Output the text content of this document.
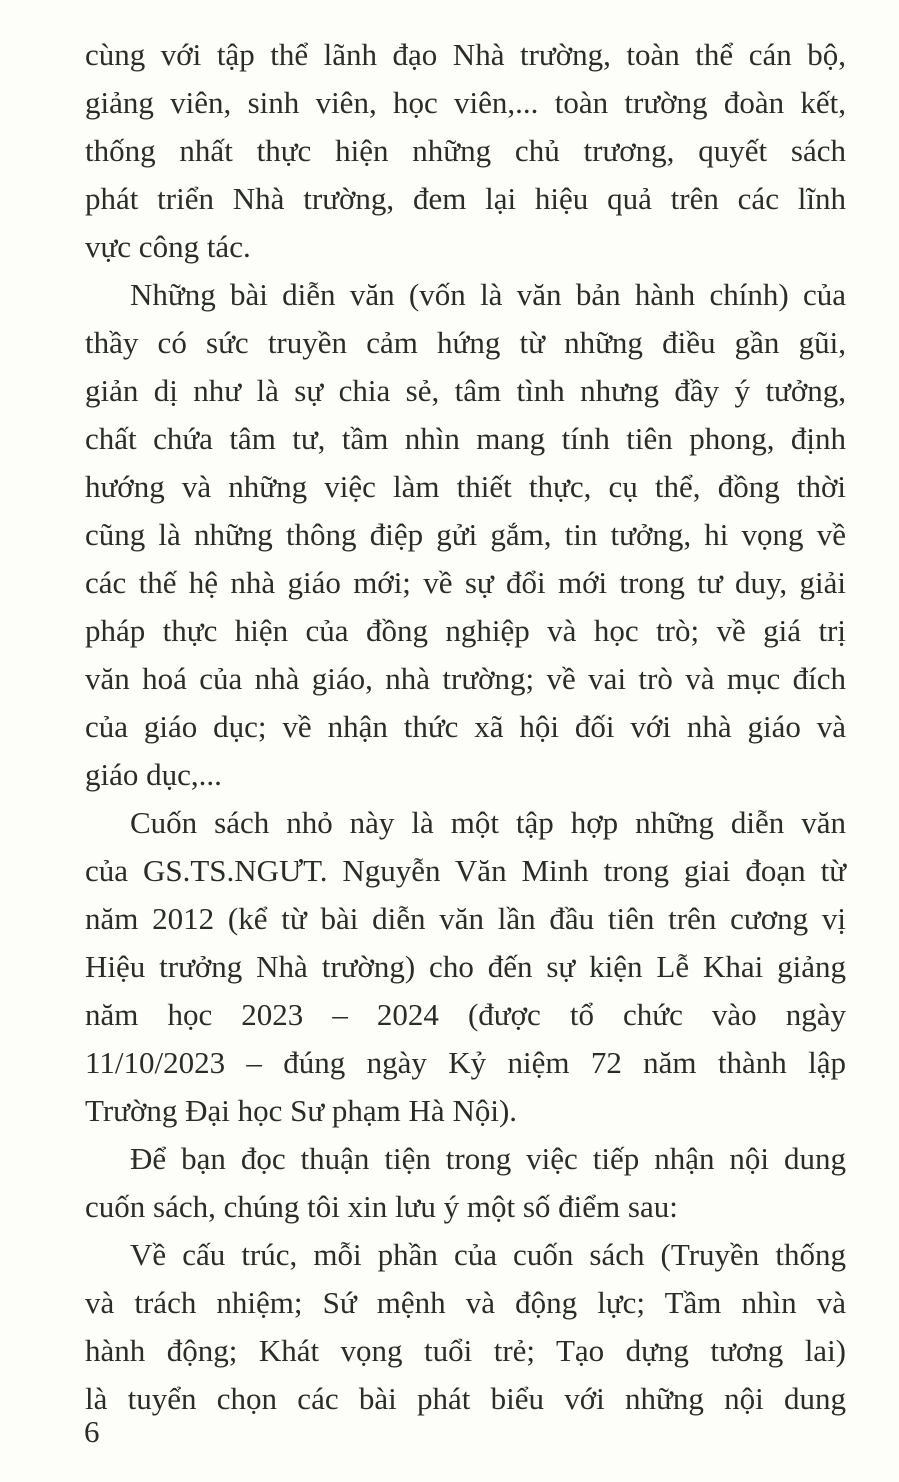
cùng với tập thể lãnh đạo Nhà trường, toàn thể cán bộ,
giảng viên, sinh viên, học viên,... toàn trường đoàn kết,
thống nhất thực hiện những chủ trương, quyết sách
phát triển Nhà trường, đem lại hiệu quả trên các lĩnh
vực công tác.
Những bài diễn văn (vốn là văn bản hành chính) của
thầy có sức truyền cảm hứng từ những điều gần gũi,
giản dị như là sự chia sẻ, tâm tình nhưng đầy ý tưởng,
chất chứa tâm tư, tầm nhìn mang tính tiên phong, định
hướng và những việc làm thiết thực, cụ thể, đồng thời
cũng là những thông điệp gửi gắm, tin tưởng, hi vọng về
các thế hệ nhà giáo mới; về sự đổi mới trong tư duy, giải
pháp thực hiện của đồng nghiệp và học trò; về giá trị
văn hoá của nhà giáo, nhà trường; về vai trò và mục đích
của giáo dục; về nhận thức xã hội đối với nhà giáo và
giáo dục,...
Cuốn sách nhỏ này là một tập hợp những diễn văn
của GS.TS.NGƯT. Nguyễn Văn Minh trong giai đoạn từ
năm 2012 (kể từ bài diễn văn lần đầu tiên trên cương vị
Hiệu trưởng Nhà trường) cho đến sự kiện Lễ Khai giảng
năm học 2023 – 2024 (được tổ chức vào ngày
11/10/2023 – đúng ngày Kỷ niệm 72 năm thành lập
Trường Đại học Sư phạm Hà Nội).
Để bạn đọc thuận tiện trong việc tiếp nhận nội dung
cuốn sách, chúng tôi xin lưu ý một số điểm sau:
Về cấu trúc, mỗi phần của cuốn sách (Truyền thống
và trách nhiệm; Sứ mệnh và động lực; Tầm nhìn và
hành động; Khát vọng tuổi trẻ; Tạo dựng tương lai)
là tuyển chọn các bài phát biểu với những nội dung
6
